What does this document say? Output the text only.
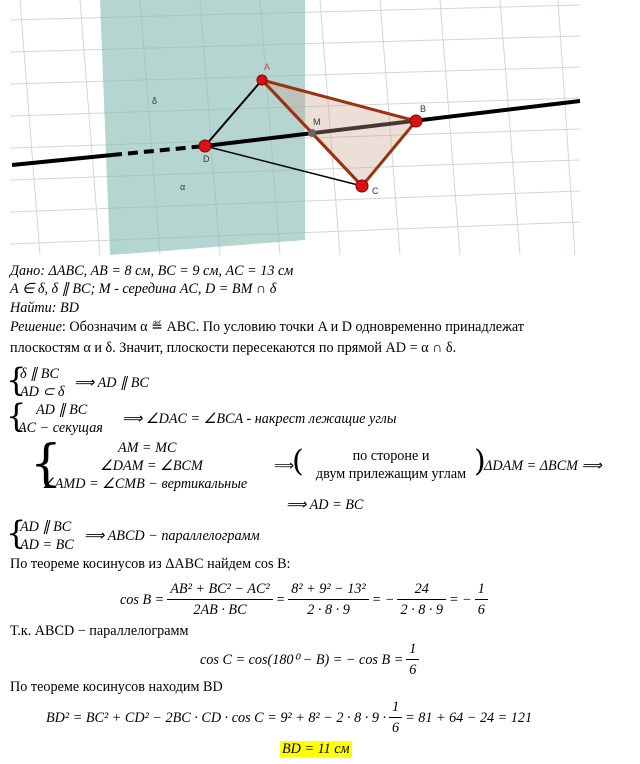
δ
α
A
B
C
D
M
Дано: ΔABC, AB = 8 см, BC = 9 см, AC = 13 см
A ∈ δ, δ ∥ BC; M - середина AC, D = BM ∩ δ
Найти: BD
Решение: Обозначим α ≝ ABC. По условию точки A и D одновременно принадлежат
плоскостям α и δ. Значит, плоскости пересекаются по прямой AD = α ∩ δ.
{
δ ∥ BC
AD ⊂ δ
⟹ AD ∥ BC
{ AD ∥ BC
AC − секущая
⟹ ∠DAC = ∠BCA - накрест лежащие углы
{	AM = MC
∠DAM = ∠BCM
∠AMD = ∠CMB − вертикальные
⟹
(	по стороне и
двум прилежащим углам )
ΔDAM = ΔBCM ⟹
⟹ AD = BC
{
AD ∥ BC
AD = BC
⟹ ABCD − параллелограмм
По теореме косинусов из ΔABC найдем cos B:
$\cos B = \frac{\text{AB² + BC² − AC²}}{2AB \cdot BC} = \frac{\text{8² + 9² − 13²}}{2 \cdot 8 \cdot 9}$ = − $\frac{24}{2 \cdot 8 \cdot 9}$ = − $\frac{1}{6}$
Т.к. ABCD − параллелограмм
cos C = cos(180⁰ − B) = − $\cos B = \frac{1}{6}$
По теореме косинусов находим BD
BD² = BC² + CD² − 2BC · CD · $\cos C = 9^2 + 8^2 - 2 \cdot 8 \cdot 9 \cdot \frac{1}{6} = 81 + 64 - 24 = 121$
BD = 11 см
